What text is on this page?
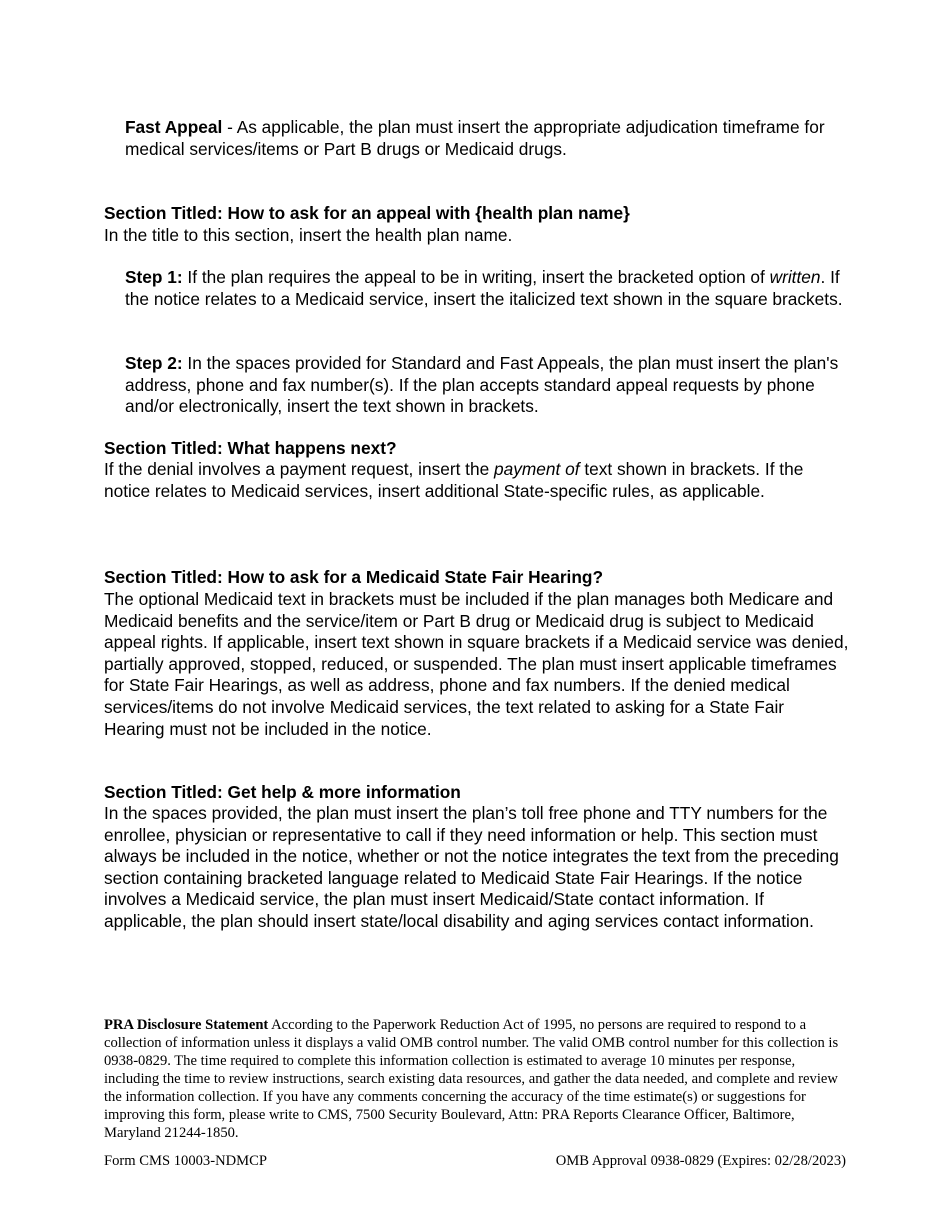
Fast Appeal - As applicable, the plan must insert the appropriate adjudication timeframe for medical services/items or Part B drugs or Medicaid drugs.

Section Titled: How to ask for an appeal with {health plan name}

In the title to this section, insert the health plan name.

Step 1: If the plan requires the appeal to be in writing, insert the bracketed option of written. If the notice relates to a Medicaid service, insert the italicized text shown in the square brackets.

Step 2: In the spaces provided for Standard and Fast Appeals, the plan must insert the plan's address, phone and fax number(s). If the plan accepts standard appeal requests by phone and/or electronically, insert the text shown in brackets.

Section Titled: What happens next?

If the denial involves a payment request, insert the payment of text shown in brackets. If the notice relates to Medicaid services, insert additional State-specific rules, as applicable.

Section Titled: How to ask for a Medicaid State Fair Hearing?

The optional Medicaid text in brackets must be included if the plan manages both Medicare and Medicaid benefits and the service/item or Part B drug or Medicaid drug is subject to Medicaid appeal rights. If applicable, insert text shown in square brackets if a Medicaid service was denied, partially approved, stopped, reduced, or suspended. The plan must insert applicable timeframes for State Fair Hearings, as well as address, phone and fax numbers. If the denied medical services/items do not involve Medicaid services, the text related to asking for a State Fair Hearing must not be included in the notice.

Section Titled: Get help & more information

In the spaces provided, the plan must insert the plan’s toll free phone and TTY numbers for the enrollee, physician or representative to call if they need information or help. This section must always be included in the notice, whether or not the notice integrates the text from the preceding section containing bracketed language related to Medicaid State Fair Hearings. If the notice involves a Medicaid service, the plan must insert Medicaid/State contact information. If applicable, the plan should insert state/local disability and aging services contact information.

PRA Disclosure Statement According to the Paperwork Reduction Act of 1995, no persons are required to respond to a collection of information unless it displays a valid OMB control number. The valid OMB control number for this collection is 0938-0829. The time required to complete this information collection is estimated to average 10 minutes per response, including the time to review instructions, search existing data resources, and gather the data needed, and complete and review the information collection. If you have any comments concerning the accuracy of the time estimate(s) or suggestions for improving this form, please write to CMS, 7500 Security Boulevard, Attn: PRA Reports Clearance Officer, Baltimore, Maryland 21244-1850.

Form CMS 10003-NDMCP	OMB Approval 0938-0829 (Expires: 02/28/2023)
